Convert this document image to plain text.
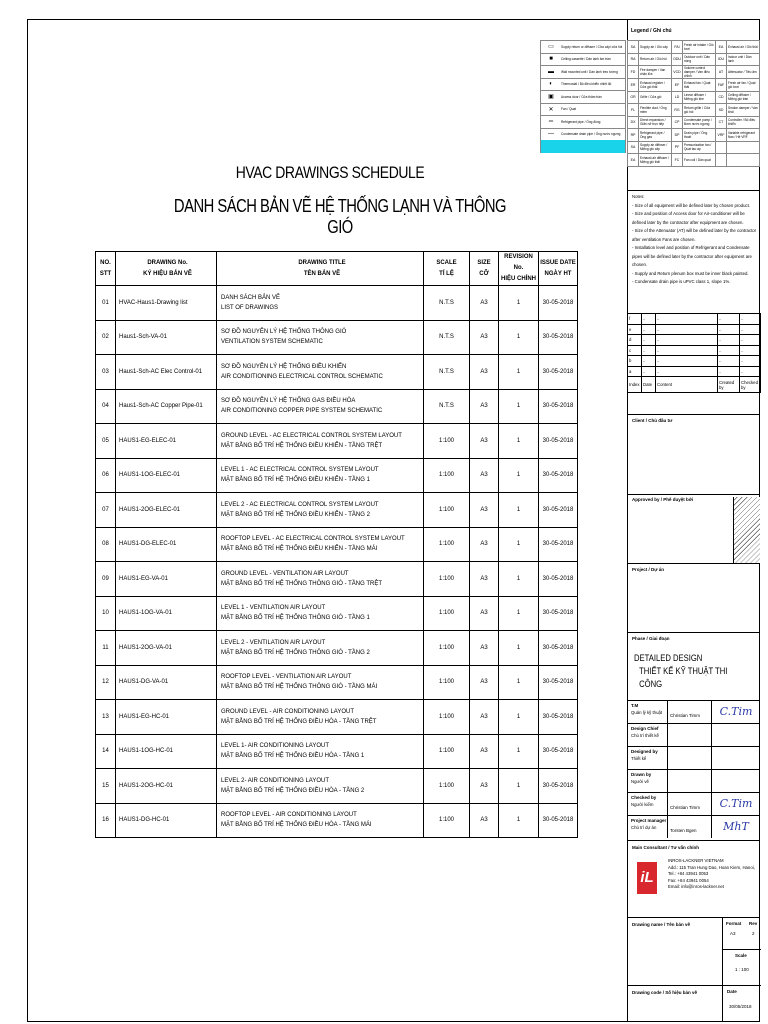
HVAC DRAWINGS SCHEDULE
DANH SÁCH BẢN VẼ HỆ THỐNG LẠNH VÀ THÔNG GIÓ
NO.
STT	DRAWING No.
KÝ HIỆU BẢN VẼ	DRAWING TITLE
TÊN BẢN VẼ	SCALE
TỈ LỆ	SIZE
CỠ	REVISION No.
HIỆU CHỈNH	ISSUE DATE
NGÀY HT

01	HVAC-Haus1-Drawing list	DANH SÁCH BẢN VẼ
LIST OF DRAWINGS	N.T.S	A3	1	30-05-2018
02	Haus1-Sch-VA-01	SƠ ĐỒ NGUYÊN LÝ HỆ THỐNG THÔNG GIÓ
VENTILATION SYSTEM SCHEMATIC	N.T.S	A3	1	30-05-2018
03	Haus1-Sch-AC Elec Control-01	SƠ ĐỒ NGUYÊN LÝ HỆ THỐNG ĐIỀU KHIỂN
AIR CONDITIONING ELECTRICAL CONTROL SCHEMATIC	N.T.S	A3	1	30-05-2018
04	Haus1-Sch-AC Copper Pipe-01	SƠ ĐỒ NGUYÊN LÝ HỆ THỐNG GAS ĐIỀU HÒA
AIR CONDITIONING COPPER PIPE SYSTEM SCHEMATIC	N.T.S	A3	1	30-05-2018
05	HAUS1-EG-ELEC-01	GROUND LEVEL - AC ELECTRICAL CONTROL SYSTEM LAYOUT
MẶT BẰNG BỐ TRÍ HỆ THỐNG ĐIỀU KHIỂN - TẦNG TRỆT	1:100	A3	1	30-05-2018
06	HAUS1-1OG-ELEC-01	LEVEL 1 - AC ELECTRICAL CONTROL SYSTEM LAYOUT
MẶT BẰNG BỐ TRÍ HỆ THỐNG ĐIỀU KHIỂN - TẦNG 1	1:100	A3	1	30-05-2018
07	HAUS1-2OG-ELEC-01	LEVEL 2 - AC ELECTRICAL CONTROL SYSTEM LAYOUT
MẶT BẰNG BỐ TRÍ HỆ THỐNG ĐIỀU KHIỂN - TẦNG 2	1:100	A3	1	30-05-2018
08	HAUS1-DG-ELEC-01	ROOFTOP LEVEL - AC ELECTRICAL CONTROL SYSTEM LAYOUT
MẶT BẰNG BỐ TRÍ HỆ THỐNG ĐIỀU KHIỂN - TẦNG MÁI	1:100	A3	1	30-05-2018
09	HAUS1-EG-VA-01	GROUND LEVEL - VENTILATION AIR LAYOUT
MẶT BẰNG BỐ TRÍ HỆ THỐNG THÔNG GIÓ - TẦNG TRỆT	1:100	A3	1	30-05-2018
10	HAUS1-1OG-VA-01	LEVEL 1 - VENTILATION AIR LAYOUT
MẶT BẰNG BỐ TRÍ HỆ THỐNG THÔNG GIÓ - TẦNG 1	1:100	A3	1	30-05-2018
11	HAUS1-2OG-VA-01	LEVEL 2 - VENTILATION AIR LAYOUT
MẶT BẰNG BỐ TRÍ HỆ THỐNG THÔNG GIÓ - TẦNG 2	1:100	A3	1	30-05-2018
12	HAUS1-DG-VA-01	ROOFTOP LEVEL - VENTILATION AIR LAYOUT
MẶT BẰNG BỐ TRÍ HỆ THỐNG THÔNG GIÓ - TẦNG MÁI	1:100	A3	1	30-05-2018
13	HAUS1-EG-HC-01	GROUND LEVEL - AIR CONDITIONING LAYOUT
MẶT BẰNG BỐ TRÍ HỆ THỐNG ĐIỀU HÒA - TẦNG TRỆT	1:100	A3	1	30-05-2018
14	HAUS1-1OG-HC-01	LEVEL 1- AIR CONDITIONING LAYOUT
MẶT BẰNG BỐ TRÍ HỆ THỐNG ĐIỀU HÒA - TẦNG 1	1:100	A3	1	30-05-2018
15	HAUS1-2OG-HC-01	LEVEL 2- AIR CONDITIONING LAYOUT
MẶT BẰNG BỐ TRÍ HỆ THỐNG ĐIỀU HÒA - TẦNG 2	1:100	A3	1	30-05-2018
16	HAUS1-DG-HC-01	ROOFTOP LEVEL - AIR CONDITIONING LAYOUT
MẶT BẰNG BỐ TRÍ HỆ THỐNG ĐIỀU HÒA - TẦNG MÁI	1:100	A3	1	30-05-2018
▭	Supply return or diffuser / Cửa cấp/ cửa hồi
■	Ceiling cassette / Dàn lạnh âm trần
▬	Wall mounted unit / Dàn lạnh treo tường
◐	Thermostat / Bộ điều khiển nhiệt độ
▣	Access door / Cửa thăm trần
✕	Fan / Quạt
═	Refrigerant pipe / Ống đồng
—	Condensate drain pipe / Ống nước ngưng
Legend / Ghi chú
SA	Supply air / Gió cấp	FAI	Fresh air intake / Gió tươi	EA	Exhaust air / Gió thải
RA	Return air / Gió hồi	ODU	Outdoor unit / Dàn nóng	IDU	Indoor unit / Dàn lạnh
FD	Fire damper / Van chặn lửa	VCD	Volume control damper / Van điều chỉnh	AT	Attenuator / Tiêu âm
ER	Exhaust register / Cửa gió thải	EF	Exhaust fan / Quạt thải	FAF	Fresh air fan / Quạt gió tươi
GR	Grille / Cửa gió	LD	Linear diffuser / Miệng gió khe	CD	Ceiling diffuser / Miệng gió trần
FL	Flexible duct / Ống mềm	RG	Return grille / Cửa gió hồi	SD	Smoke damper / Van khói
DX	Direct expansion / Giãn nở trực tiếp	CP	Condensate pump / Bơm nước ngưng	CT	Controller / Bộ điều khiển
RP	Refrigerant pipe / Ống gas	DP	Drain pipe / Ống thoát	VRF	Variable refrigerant flow / Hệ VRF
SA	Supply air diffuser / Miệng gió cấp	PF	Pressurization fan / Quạt tạo áp		
EA	Exhaust air diffuser / Miệng gió thải	FC	Fan coil / Dàn quạt		
Notes:
- Size of all equipment will be defined later by chosen product.
- Size and position of Access door for Air-conditioner will be defined later by the contractor after equipment are chosen.
- Size of the Attenuator (AT) will be defined later by the contractor after ventilation Fans are chosen.
- Installation level and position of Refrigerant and Condensate pipes will be defined later by the contractor after equipment are chosen.
- Supply and Return plenum box must be inner black painted.
- Condensate drain pipe is uPVC class 1, slope 1%.
f	..	..	..	..
e	..	..	..	..
d	..	..	..	..
c	..	..	..	..
b	..	..	..	..
a	..	..	..	..
Index	Date	Content	Created by	Checked by
Client / Chủ đầu tư
Approved by / Phê duyệt bởi
Project / Dự án
Phase / Giai đoạn
DETAILED DESIGN
THIẾT KẾ KỸ THUẬT THI CÔNG
T.M
Quản lý kỹ thuật
Christian Timm	C.Tim
Design Chief
Chủ trì thiết kế
Designed by
Thiết kế
Drawn by
Người vẽ
Checked by
Người kiểm
Christian Timm	C.Tim
Project manager
Chủ trì dự án
Torsten Bgen	MhT
Main Consultant / Tư vấn chính
iL
INROS-LACKNER VIETNAM
Add.: 115 Tran Hung Dao, Hoan Kiem, Hanoi,
Tel.: +84 43941 0053
Fax: +84 43941 0054
Email: info@inros-lackner.net
Drawing name / Tên bản vẽ	Format Rev
A3	2
Scale
1 : 100
Date
30/05/2018
Drawing code / Số hiệu bản vẽ
